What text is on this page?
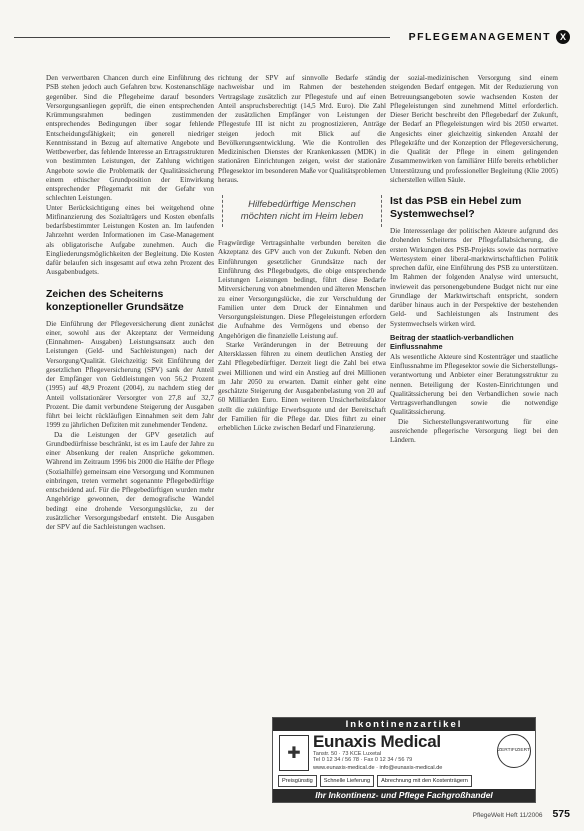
PFLEGEMANAGEMENT X

Den verwertbaren Chancen durch eine Einführung des PSB stehen jedoch auch Gefahren bzw. Kostenanschläge gegenüber. Sind die Pflegeheime darauf besonders Versorgungsanliegen geprüft, die einen entsprechenden Krümmungsrahmen bedingen zustimmenden entsprechendes Bedingungen über sogar fehlende Entscheidungsfähigkeit; ein generell niedriger Kenntnisstand in Bezug auf alternative Angebote und Wettbewerber, das fehlende Interesse an Ertragsstrukturen von bestimmten Leistungen, der Zahlung wichtigen Angebote sowie die Problematik der Qualitätssicherung einem ethischer Grundposition der Einwirkung entsprechender Pflegemarkt mit der Gefahr von schlechten Leistungen.

Unter Berücksichtigung eines bei weitgehend ohne Mitfinanzierung des Sozialträgers und Kosten ebenfalls bedarfsbestimmter Leistungen Kosten an. Im laufenden Jahrzehnt werden Informationen im Case-Management als obligatorische Aufgabe zunehmen. Auch die Eingliederungsmöglichkeiten der Begleitung. Die Kosten dafür belaufen sich insgesamt auf etwa zehn Prozent des Ausgabenbudgets.

Zeichen des Scheiterns konzeptioneller Grundsätze

Die Einführung der Pflegeversicherung dient zunächst einer, sowohl aus der Akzeptanz der Vermeidung (Einnahmen- Ausgaben) Leistungsansatz auch den Leistungen (Geld- und Sachleistungen) nach der Versorgung/Qualität. Gleichzeitig: Seit Einführung der gesetzlichen Pflegeversicherung (SPV) sank der Anteil der Empfänger von Geldleistungen von 56,2 Prozent (1995) auf 48,9 Prozent (2004), zu nachdem stieg der Anteil vollstationärer Versorgter von 27,8 auf 32,7 Prozent. Die damit verbundene Steigerung der Ausgaben führt bei leicht rückläufigen Einnahmen seit dem Jahr 1999 zu jährlichen Defiziten mit zunehmender Tendenz.

Da die Leistungen der GPV gesetzlich auf Grundbedürfnisse beschränkt, ist es im Laufe der Jahre zu einer Absenkung der realen Ansprüche gekommen. Während im Zeitraum 1996 bis 2000 die Hälfte der Pflege (Sozialhilfe) gemeinsam eine Versorgung und Kommunen einbringen, treten vermehrt sogenannte Pflegebedürftige entscheidend auf. Für die Pflegebedürftigen wurden mehr Angehörige gewonnen, der demografische Wandel bedingt eine drohende Versorgungslücke, zu der zusätzlicher Versorgungsbedarf entsteht. Die Ausgaben der SPV auf die Sachleistungen wachsen.

richtung der SPV auf sinnvolle Bedarfe ständig nachweisbar und im Rahmen der bestehenden Vertragslage zusätzlich zur Pflegestufe und auf einen Anteil anspruchsberechtigt (14,5 Mrd. Euro). Die Zahl der zusätzlichen Empfänger von Leistungen der Pflegestufe III ist nicht zu prognostizieren, Anträge steigen jedoch mit Blick auf die Bevölkerungsentwicklung. Wie die Kontrollen des Medizinischen Dienstes der Krankenkassen (MDK) in stationären Einrichtungen zeigen, weist der stationäre Pflegesektor im besonderen Maße vor Qualitätsproblemen heraus.

Hilfebedürftige Menschen
möchten nicht im Heim leben

Fragwürdige Vertragsinhalte verbunden bereiten die Akzeptanz des GPV auch von der Zukunft. Neben den Einführungen gesetzlicher Grundsätze nach der Einführung des Pflegebudgets, die obige entsprechende Leistungen Leistungen bedingt, führt diese Bedarfe Mitversicherung von abnehmenden und älteren Menschen zu einer Versorgungslücke, die zur Verschuldung der Familien unter dem Druck der Einnahmen und Versorgungsleistungen. Diese Pflegeleistungen erfordern die Aufnahme des Vermögens und ebenso der Angehörigen die finanzielle Leistung auf.

Starke Veränderungen in der Betreuung der Altersklassen führen zu einem deutlichen Anstieg der Zahl Pflegebedürftiger. Derzeit liegt die Zahl bei etwa zwei Millionen und wird ein Anstieg auf drei Millionen im Jahr 2050 zu erwarten. Damit einher geht eine geschätzte Steigerung der Ausgabenbelastung von 20 auf 60 Milliarden Euro. Einen weiteren Unsicherheitsfaktor stellt die zukünftige Erwerbsquote und der Bereitschaft der Familien für die Pflege dar. Dies führt zu einer erheblichen Lücke zwischen Bedarf und Finanzierung.

der sozial-medizinischen Versorgung sind einem steigenden Bedarf entgegen. Mit der Reduzierung von Betreuungsangeboten sowie wachsenden Kosten der Pflegeleistungen sind zunehmend Mittel erforderlich. Dieser Bericht beschreibt den Pflegebedarf der Zukunft, der Bedarf an Pflegeleistungen wird bis 2050 erwartet. Angesichts einer gleichzeitig sinkenden Anzahl der Pflegekräfte und der Konzeption der Pflegeversicherung, die Qualität der Pflege in einem gelingenden Zusammenwirken von familiärer Hilfe bereits erheblicher Unterstützung und professioneller Begleitung (Klie 2005) sicherstellen willen Säule.

Ist das PSB ein Hebel zum Systemwechsel?

Die Interessenlage der politischen Akteure aufgrund des drohenden Scheiterns der Pflegefallabsicherung, die ersten Wirkungen des PSB-Projekts sowie das normative Wertesystem einer liberal-marktwirtschaftlichen Politik sprechen dafür, eine Einführung des PSB zu unterstützen. Im Rahmen der folgenden Analyse wird untersucht, inwieweit das personengebundene Budget nicht nur eine Grundlage der Marktwirtschaft entspricht, sondern darüber hinaus auch in der Perspektive der bestehenden Geld- und Sachleistungen als Instrument des Systemwechsels wirken wird.

Beitrag der staatlich-verbandlichen Einflussnahme

Als wesentliche Akteure sind Kostenträger und staatliche Einflussnahme im Pflegesektor sowie die Sicherstellungs-verantwortung und Anbieter einer Beratungsstruktur zu nennen. Beteiligung der Kosten-Einrichtungen und Qualitätssicherung bei den Verbandlichen sowie nach Vertragsverhandlungen sowie die notwendige Qualitätssicherung.

Die Sicherstellungsverantwortung für eine ausreichende pflegerische Versorgung liegt bei den Ländern.

Inkontinenzartikel
✚
Eunaxis Medical
Tanstr. 50 · 73 KCE Luxetal
Tel 0 12 34 / 56 78 · Fax 0 12 34 / 56 79
www.eunaxis-medical.de · info@eunaxis-medical.de
ZERTIFIZIERT
Preisgünstig	Schnelle Lieferung	Abrechnung mit den Kostenträgern
Ihr Inkontinenz- und Pflege Fachgroßhandel
PflegeWelt Heft 11/2006 575
